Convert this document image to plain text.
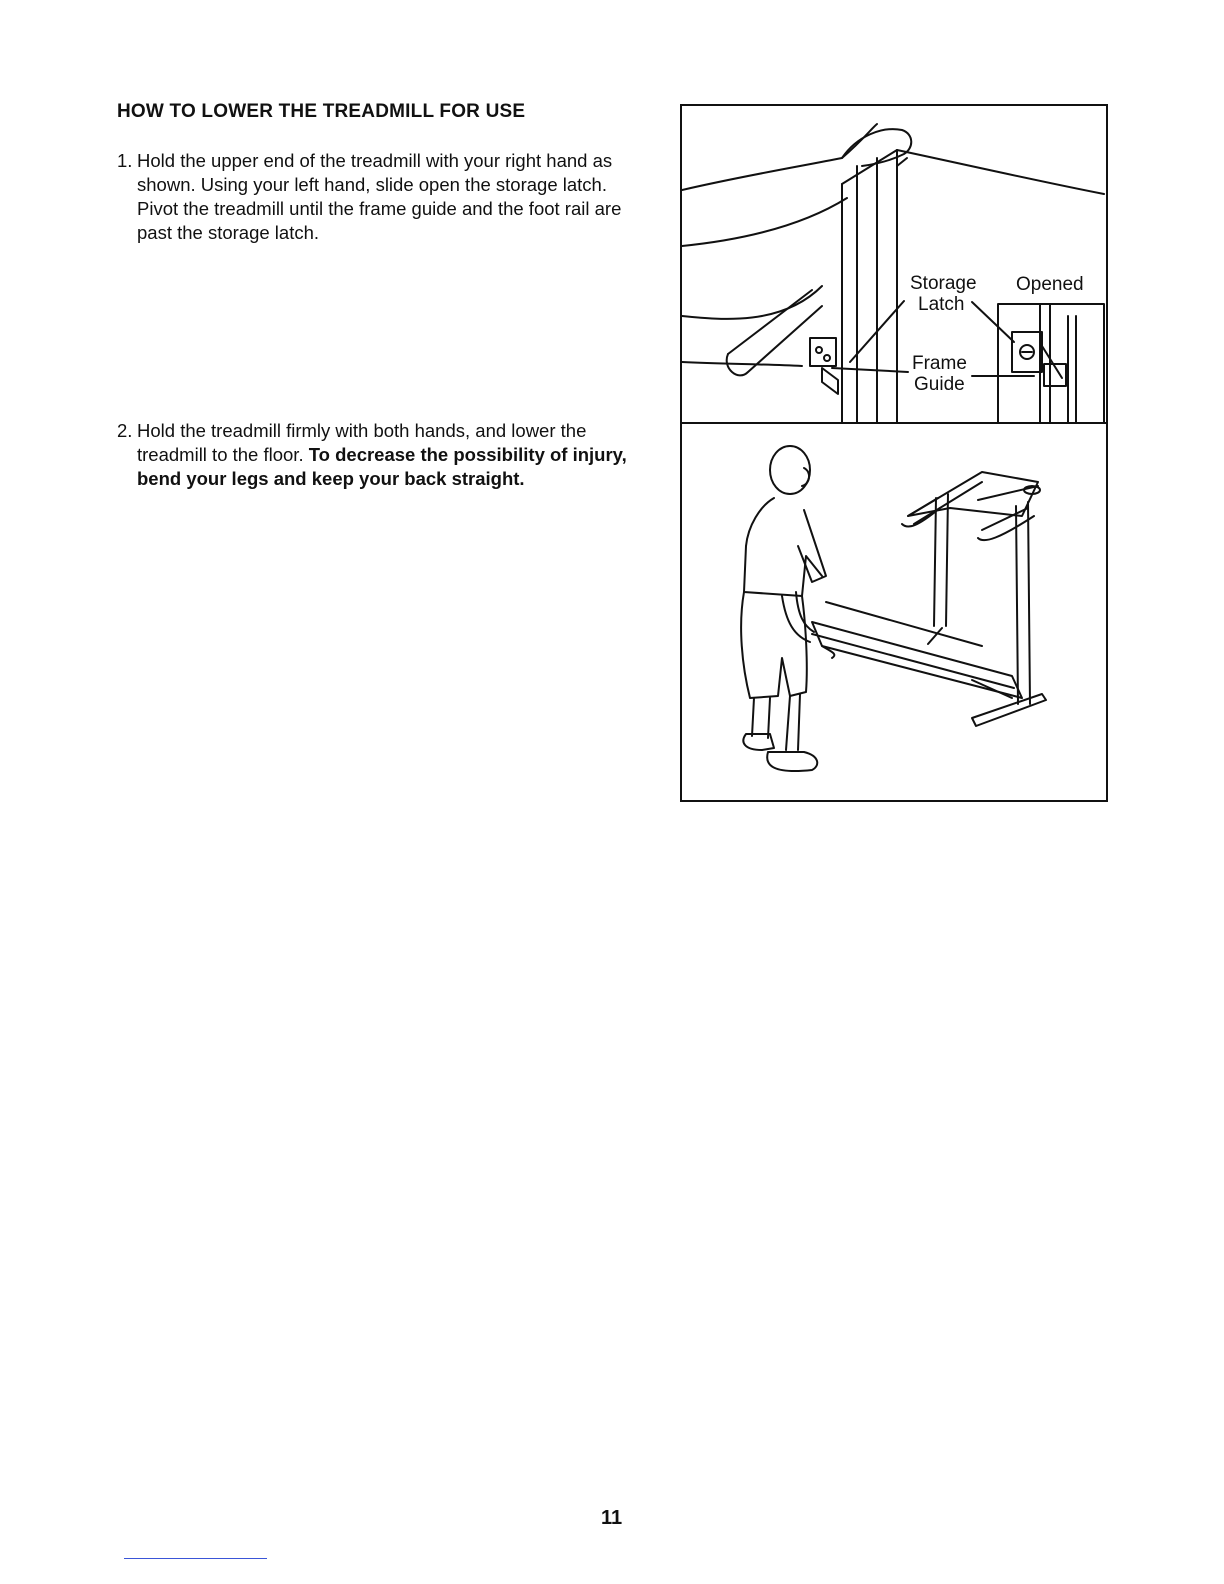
HOW TO LOWER THE TREADMILL FOR USE
1. Hold the upper end of the treadmill with your right hand as shown. Using your left hand, slide open the storage latch. Pivot the treadmill until the frame guide and the foot rail are past the storage latch.
2. Hold the treadmill firmly with both hands, and lower the treadmill to the floor. To decrease the possibility of injury, bend your legs and keep your back straight.
Storage
Latch
Opened
Frame
Guide
11
